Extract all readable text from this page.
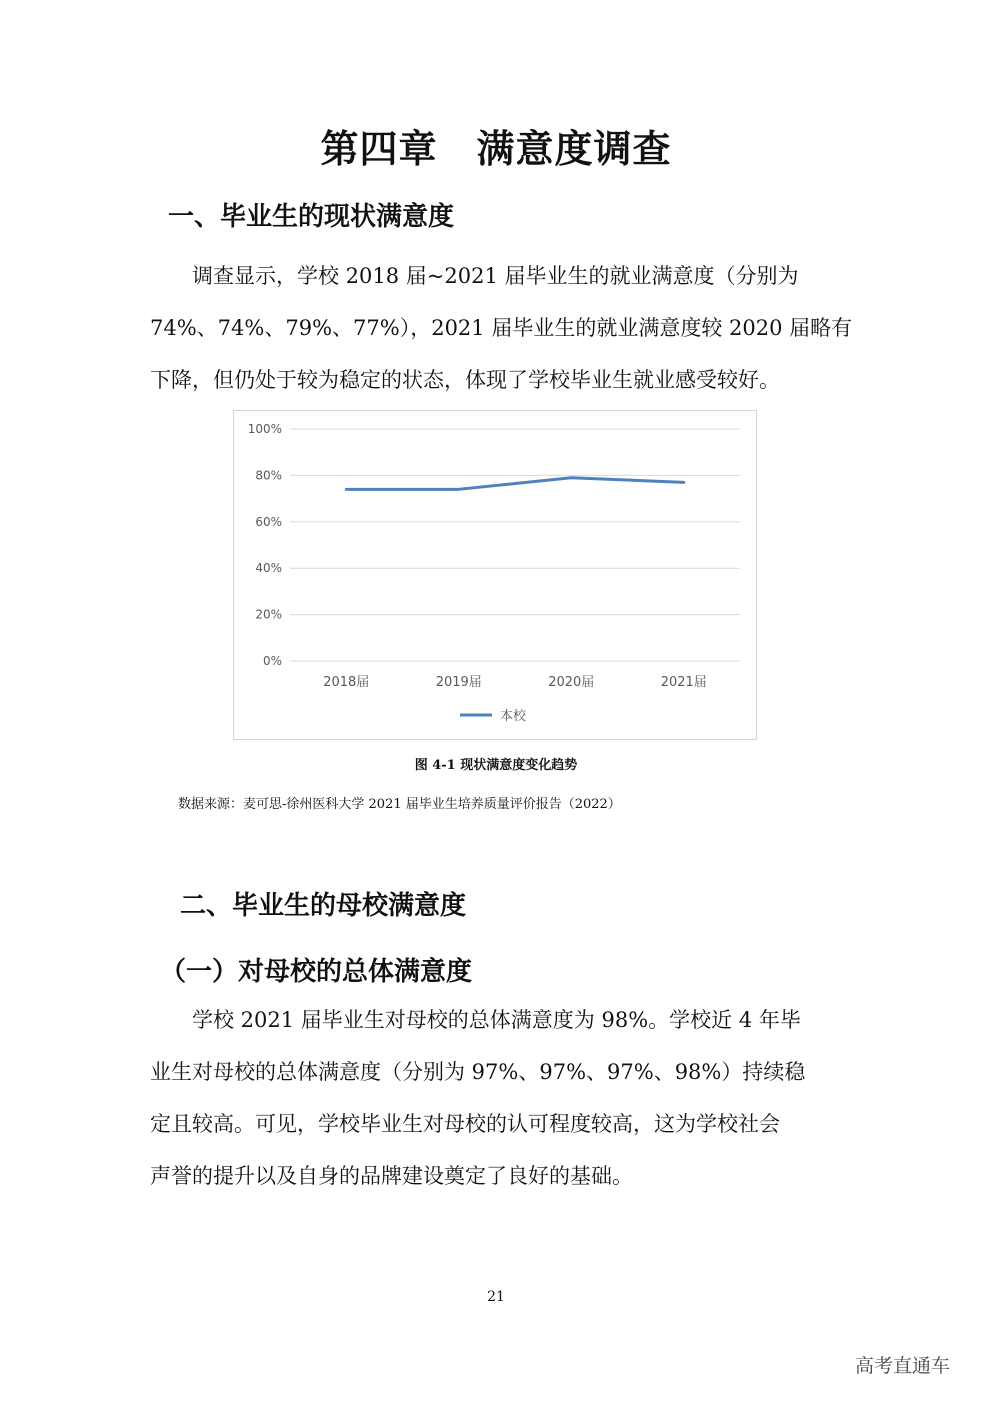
第四章　满意度调查
一、毕业生的现状满意度

　　调查显示，学校 2018 届~2021 届毕业生的就业满意度（分别为

74%、74%、79%、77%），2021 届毕业生的就业满意度较 2020 届略有

下降，但仍处于较为稳定的状态，体现了学校毕业生就业感受较好。

100%
80%
60%
40%
20%
0%
2018届	2019届	2020届	2021届
本校
图 4-1 现状满意度变化趋势
数据来源：麦可思-徐州医科大学 2021 届毕业生培养质量评价报告（2022）
二、毕业生的母校满意度
（一）对母校的总体满意度

　　学校 2021 届毕业生对母校的总体满意度为 98%。学校近 4 年毕

业生对母校的总体满意度（分别为 97%、97%、97%、98%）持续稳

定且较高。可见，学校毕业生对母校的认可程度较高，这为学校社会

声誉的提升以及自身的品牌建设奠定了良好的基础。

21
高考直通车
